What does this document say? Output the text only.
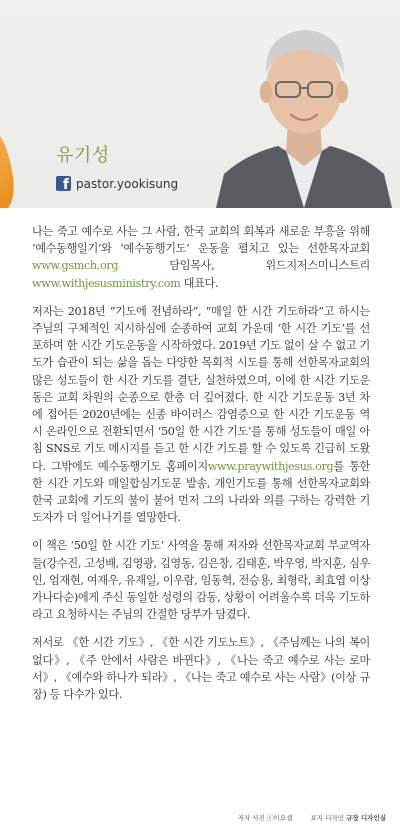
유기성
f pastor.yookisung

나는 죽고 예수로 사는 그 사람, 한국 교회의 회복과 새로운 부흥을 위해 ‘예수동행일기’와 ‘예수동행기도’ 운동을 펼치고 있는 선한목자교회 www.gsmch.org 담임목사, 위드지저스미니스트리 www.withjesusministry.com 대표다.

저자는 2018년 “기도에 전념하라”, “매일 한 시간 기도하라”고 하시는 주님의 구체적인 지시하심에 순종하여 교회 가운데 ‘한 시간 기도’를 선포하며 한 시간 기도운동을 시작하였다. 2019년 기도 없이 살 수 없고 기도가 습관이 되는 삶을 돕는 다양한 목회적 시도를 통해 선한목자교회의 많은 성도들이 한 시간 기도를 결단, 실천하였으며, 이에 한 시간 기도운동은 교회 차원의 순종으로 한층 더 깊어졌다. 한 시간 기도운동 3년 차에 접어든 2020년에는 신종 바이러스 감염증으로 한 시간 기도운동 역시 온라인으로 전환되면서 ‘50일 한 시간 기도’를 통해 성도들이 매일 아침 SNS로 기도 메시지를 듣고 한 시간 기도를 할 수 있도록 긴급히 도왔다. 그밖에도 예수동행기도 홈페이지www.praywithjesus.org를 통한 한 시간 기도와 매일합심기도문 발송, 개인기도를 통해 선한목자교회와 한국 교회에 기도의 불이 붙어 먼저 그의 나라와 의를 구하는 강력한 기도자가 더 일어나기를 열망한다.

이 책은 ‘50일 한 시간 기도’ 사역을 통해 저자와 선한목자교회 부교역자들(강수진, 고성배, 김영광, 김영동, 김은창, 김태훈, 박우영, 박지훈, 심우인, 엄재현, 여재우, 유재일, 이우람, 임동혁, 전승용, 최형락, 최효엽 이상 가나다순)에게 주신 동일한 성령의 감동, 상황이 어려울수록 더욱 기도하라고 요청하시는 주님의 간절한 당부가 담겼다.

저서로 《한 시간 기도》, 《한 시간 기도노트》, 《주님께는 나의 복이 없다》, 《주 안에서 사람은 바뀐다》, 《나는 죽고 예수로 사는 로마서》, 《예수와 하나가 되라》, 《나는 죽고 예수로 사는 사람》(이상 규장) 등 다수가 있다.

저자 사진 ⓒ이요셉	표지 디자인 규장 디자인실
